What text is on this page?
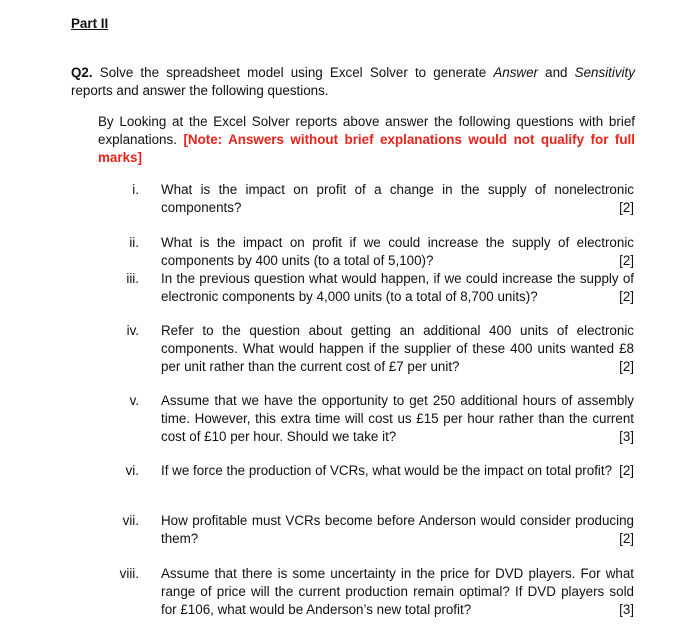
Part II
Q2. Solve the spreadsheet model using Excel Solver to generate Answer and Sensitivity reports and answer the following questions.
By Looking at the Excel Solver reports above answer the following questions with brief explanations. [Note: Answers without brief explanations would not qualify for full marks]
i. What is the impact on profit of a change in the supply of nonelectronic components?	[2]
ii. What is the impact on profit if we could increase the supply of electronic components by 400 units (to a total of 5,100)?	[2]
iii. In the previous question what would happen, if we could increase the supply of electronic components by 4,000 units (to a total of 8,700 units)?	[2]
iv. Refer to the question about getting an additional 400 units of electronic components. What would happen if the supplier of these 400 units wanted £8 per unit rather than the current cost of £7 per unit?	[2]
v. Assume that we have the opportunity to get 250 additional hours of assembly time. However, this extra time will cost us £15 per hour rather than the current cost of £10 per hour. Should we take it?	[3]
vi. If we force the production of VCRs, what would be the impact on total profit? [2]
vii. How profitable must VCRs become before Anderson would consider producing them?	[2]
viii. Assume that there is some uncertainty in the price for DVD players. For what range of price will the current production remain optimal? If DVD players sold for £106, what would be Anderson’s new total profit?	[3]
